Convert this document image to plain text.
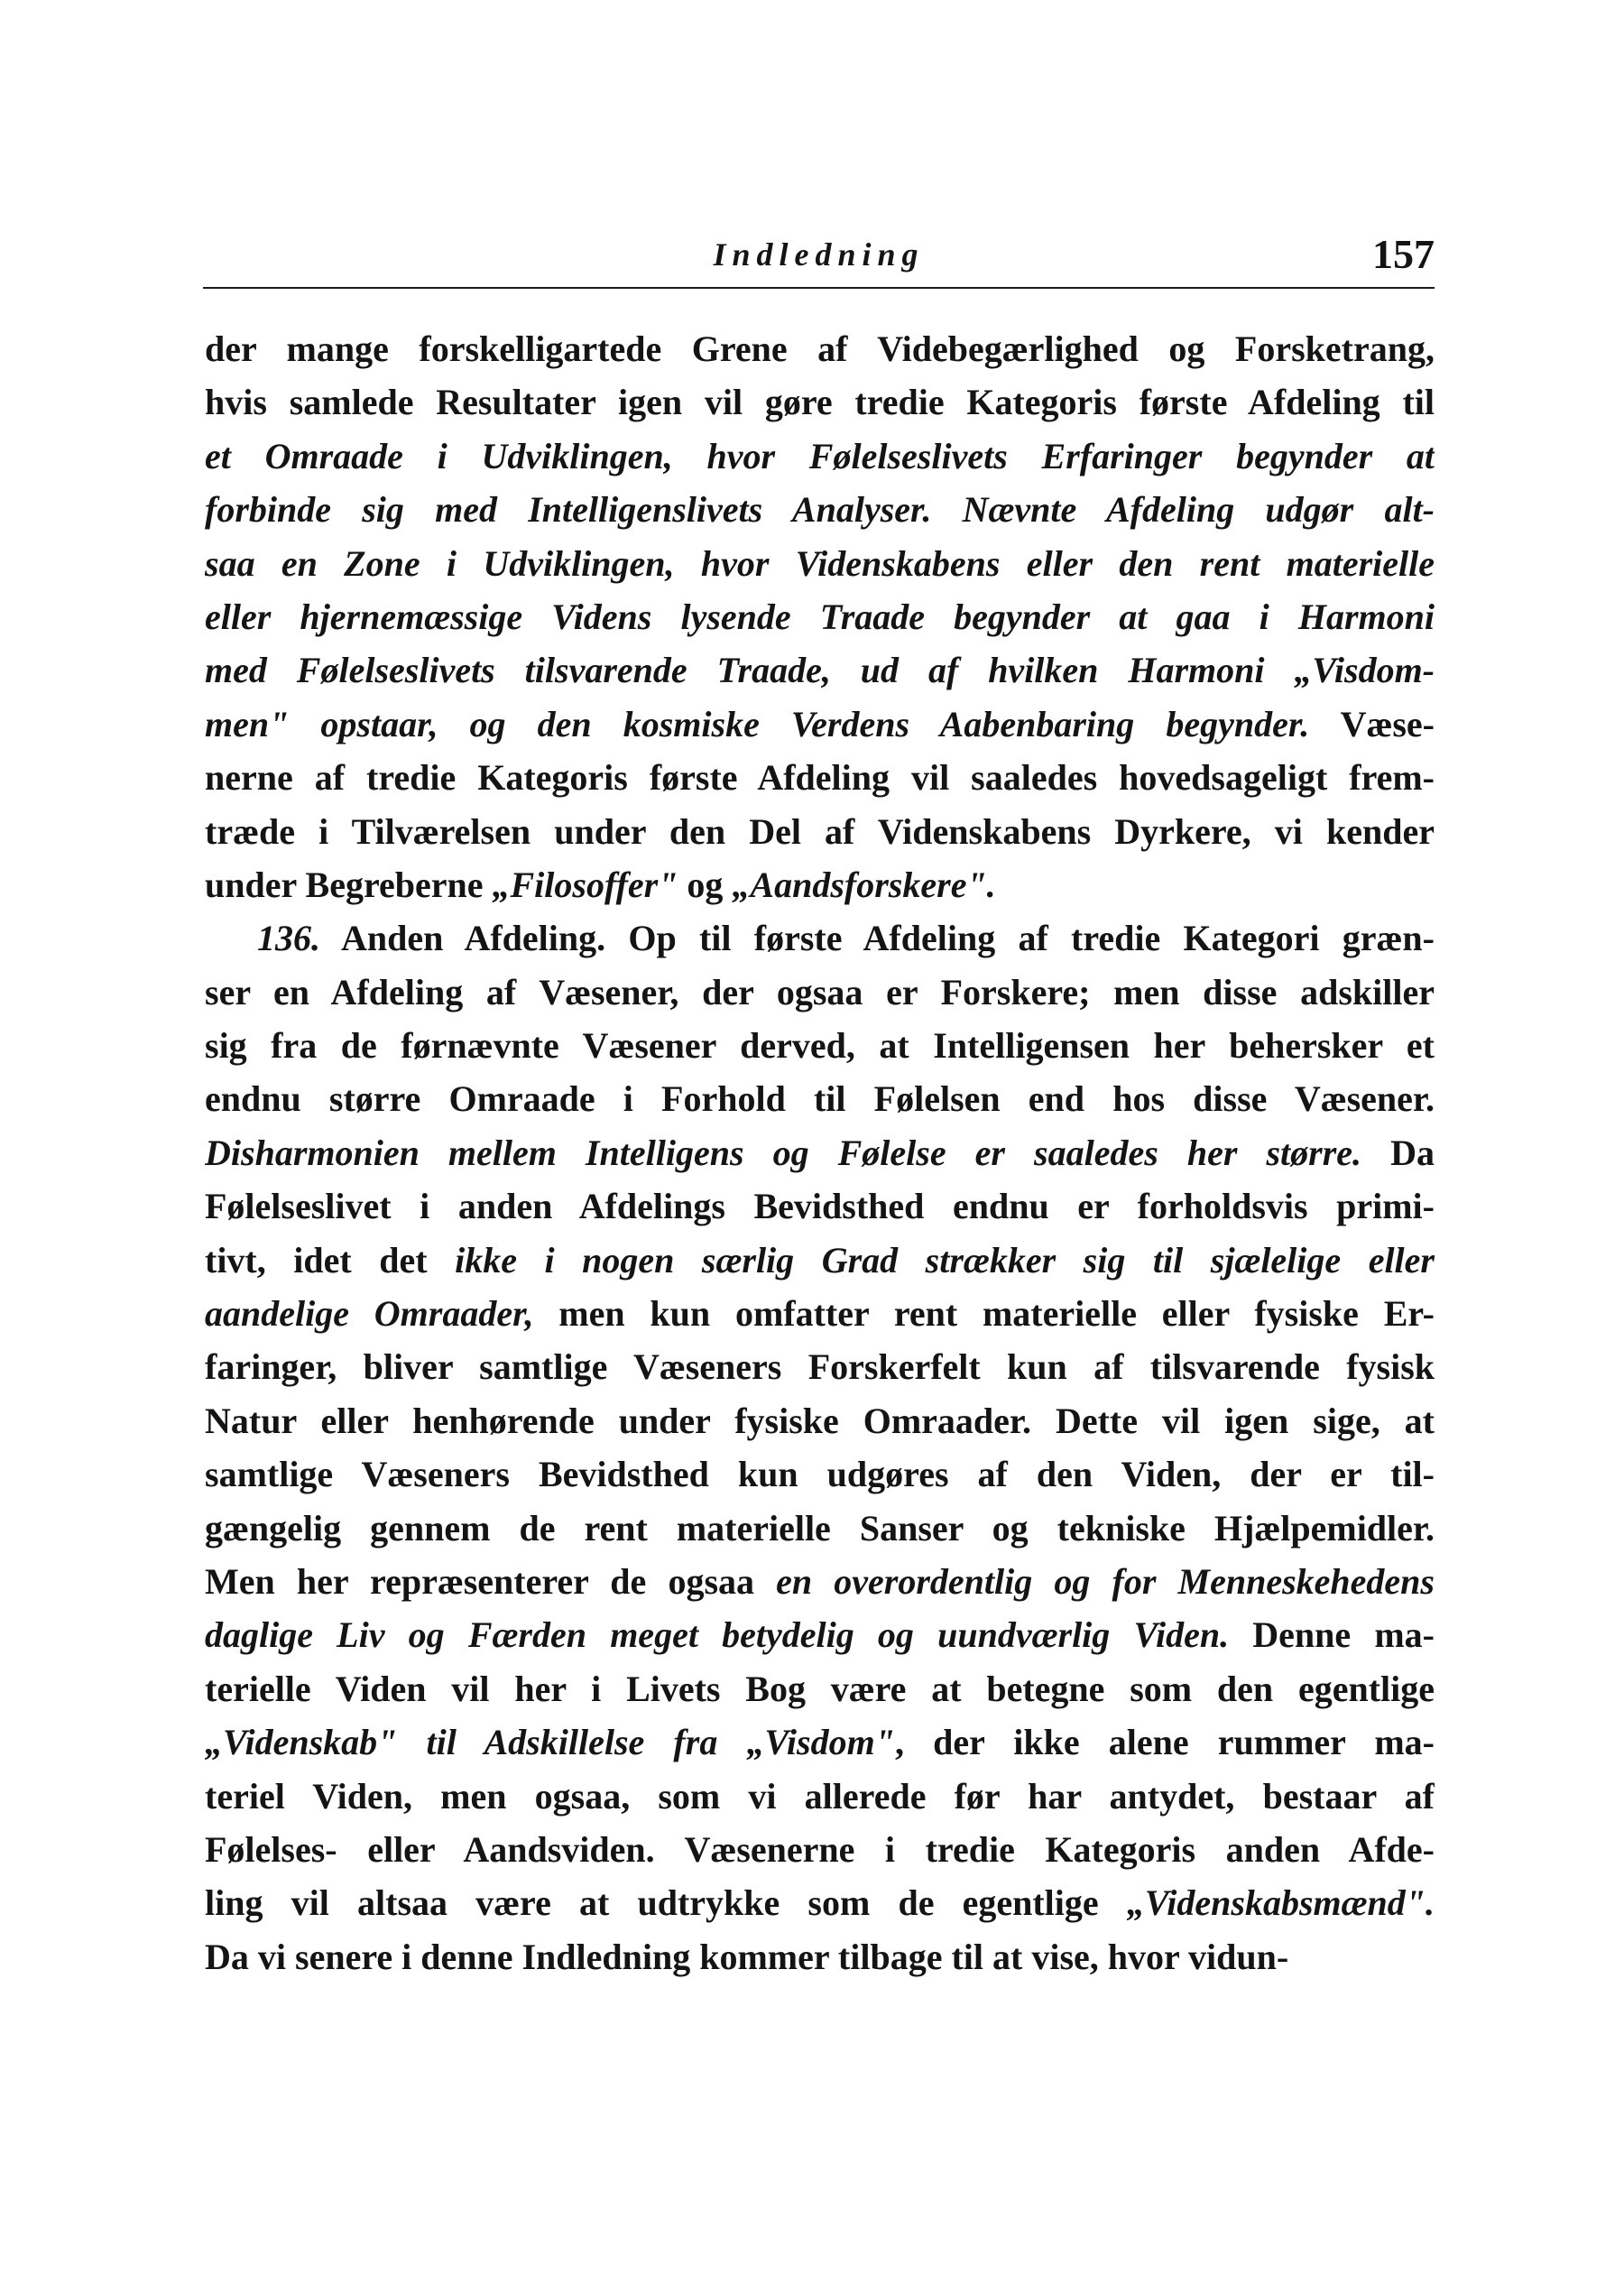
Indledning	157
der mange forskelligartede Grene af Videbegærlighed og Forsketrang,
hvis samlede Resultater igen vil gøre tredie Kategoris første Afdeling til
et Omraade i Udviklingen, hvor Følelseslivets Erfaringer begynder at
forbinde sig med Intelligenslivets Analyser. Nævnte Afdeling udgør alt-
saa en Zone i Udviklingen, hvor Videnskabens eller den rent materielle
eller hjernemæssige Videns lysende Traade begynder at gaa i Harmoni
med Følelseslivets tilsvarende Traade, ud af hvilken Harmoni „Visdom-
men" opstaar, og den kosmiske Verdens Aabenbaring begynder. Væse-
nerne af tredie Kategoris første Afdeling vil saaledes hovedsageligt frem-
træde i Tilværelsen under den Del af Videnskabens Dyrkere, vi kender
under Begreberne „Filosoffer" og „Aandsforskere".
136. Anden Afdeling. Op til første Afdeling af tredie Kategori græn-
ser en Afdeling af Væsener, der ogsaa er Forskere; men disse adskiller
sig fra de førnævnte Væsener derved, at Intelligensen her behersker et
endnu større Omraade i Forhold til Følelsen end hos disse Væsener.
Disharmonien mellem Intelligens og Følelse er saaledes her større. Da
Følelseslivet i anden Afdelings Bevidsthed endnu er forholdsvis primi-
tivt, idet det ikke i nogen særlig Grad strækker sig til sjælelige eller
aandelige Omraader, men kun omfatter rent materielle eller fysiske Er-
faringer, bliver samtlige Væseners Forskerfelt kun af tilsvarende fysisk
Natur eller henhørende under fysiske Omraader. Dette vil igen sige, at
samtlige Væseners Bevidsthed kun udgøres af den Viden, der er til-
gængelig gennem de rent materielle Sanser og tekniske Hjælpemidler.
Men her repræsenterer de ogsaa en overordentlig og for Menneskehedens
daglige Liv og Færden meget betydelig og uundværlig Viden. Denne ma-
terielle Viden vil her i Livets Bog være at betegne som den egentlige
„Videnskab" til Adskillelse fra „Visdom", der ikke alene rummer ma-
teriel Viden, men ogsaa, som vi allerede før har antydet, bestaar af
Følelses- eller Aandsviden. Væsenerne i tredie Kategoris anden Afde-
ling vil altsaa være at udtrykke som de egentlige „Videnskabsmænd".
Da vi senere i denne Indledning kommer tilbage til at vise, hvor vidun-
